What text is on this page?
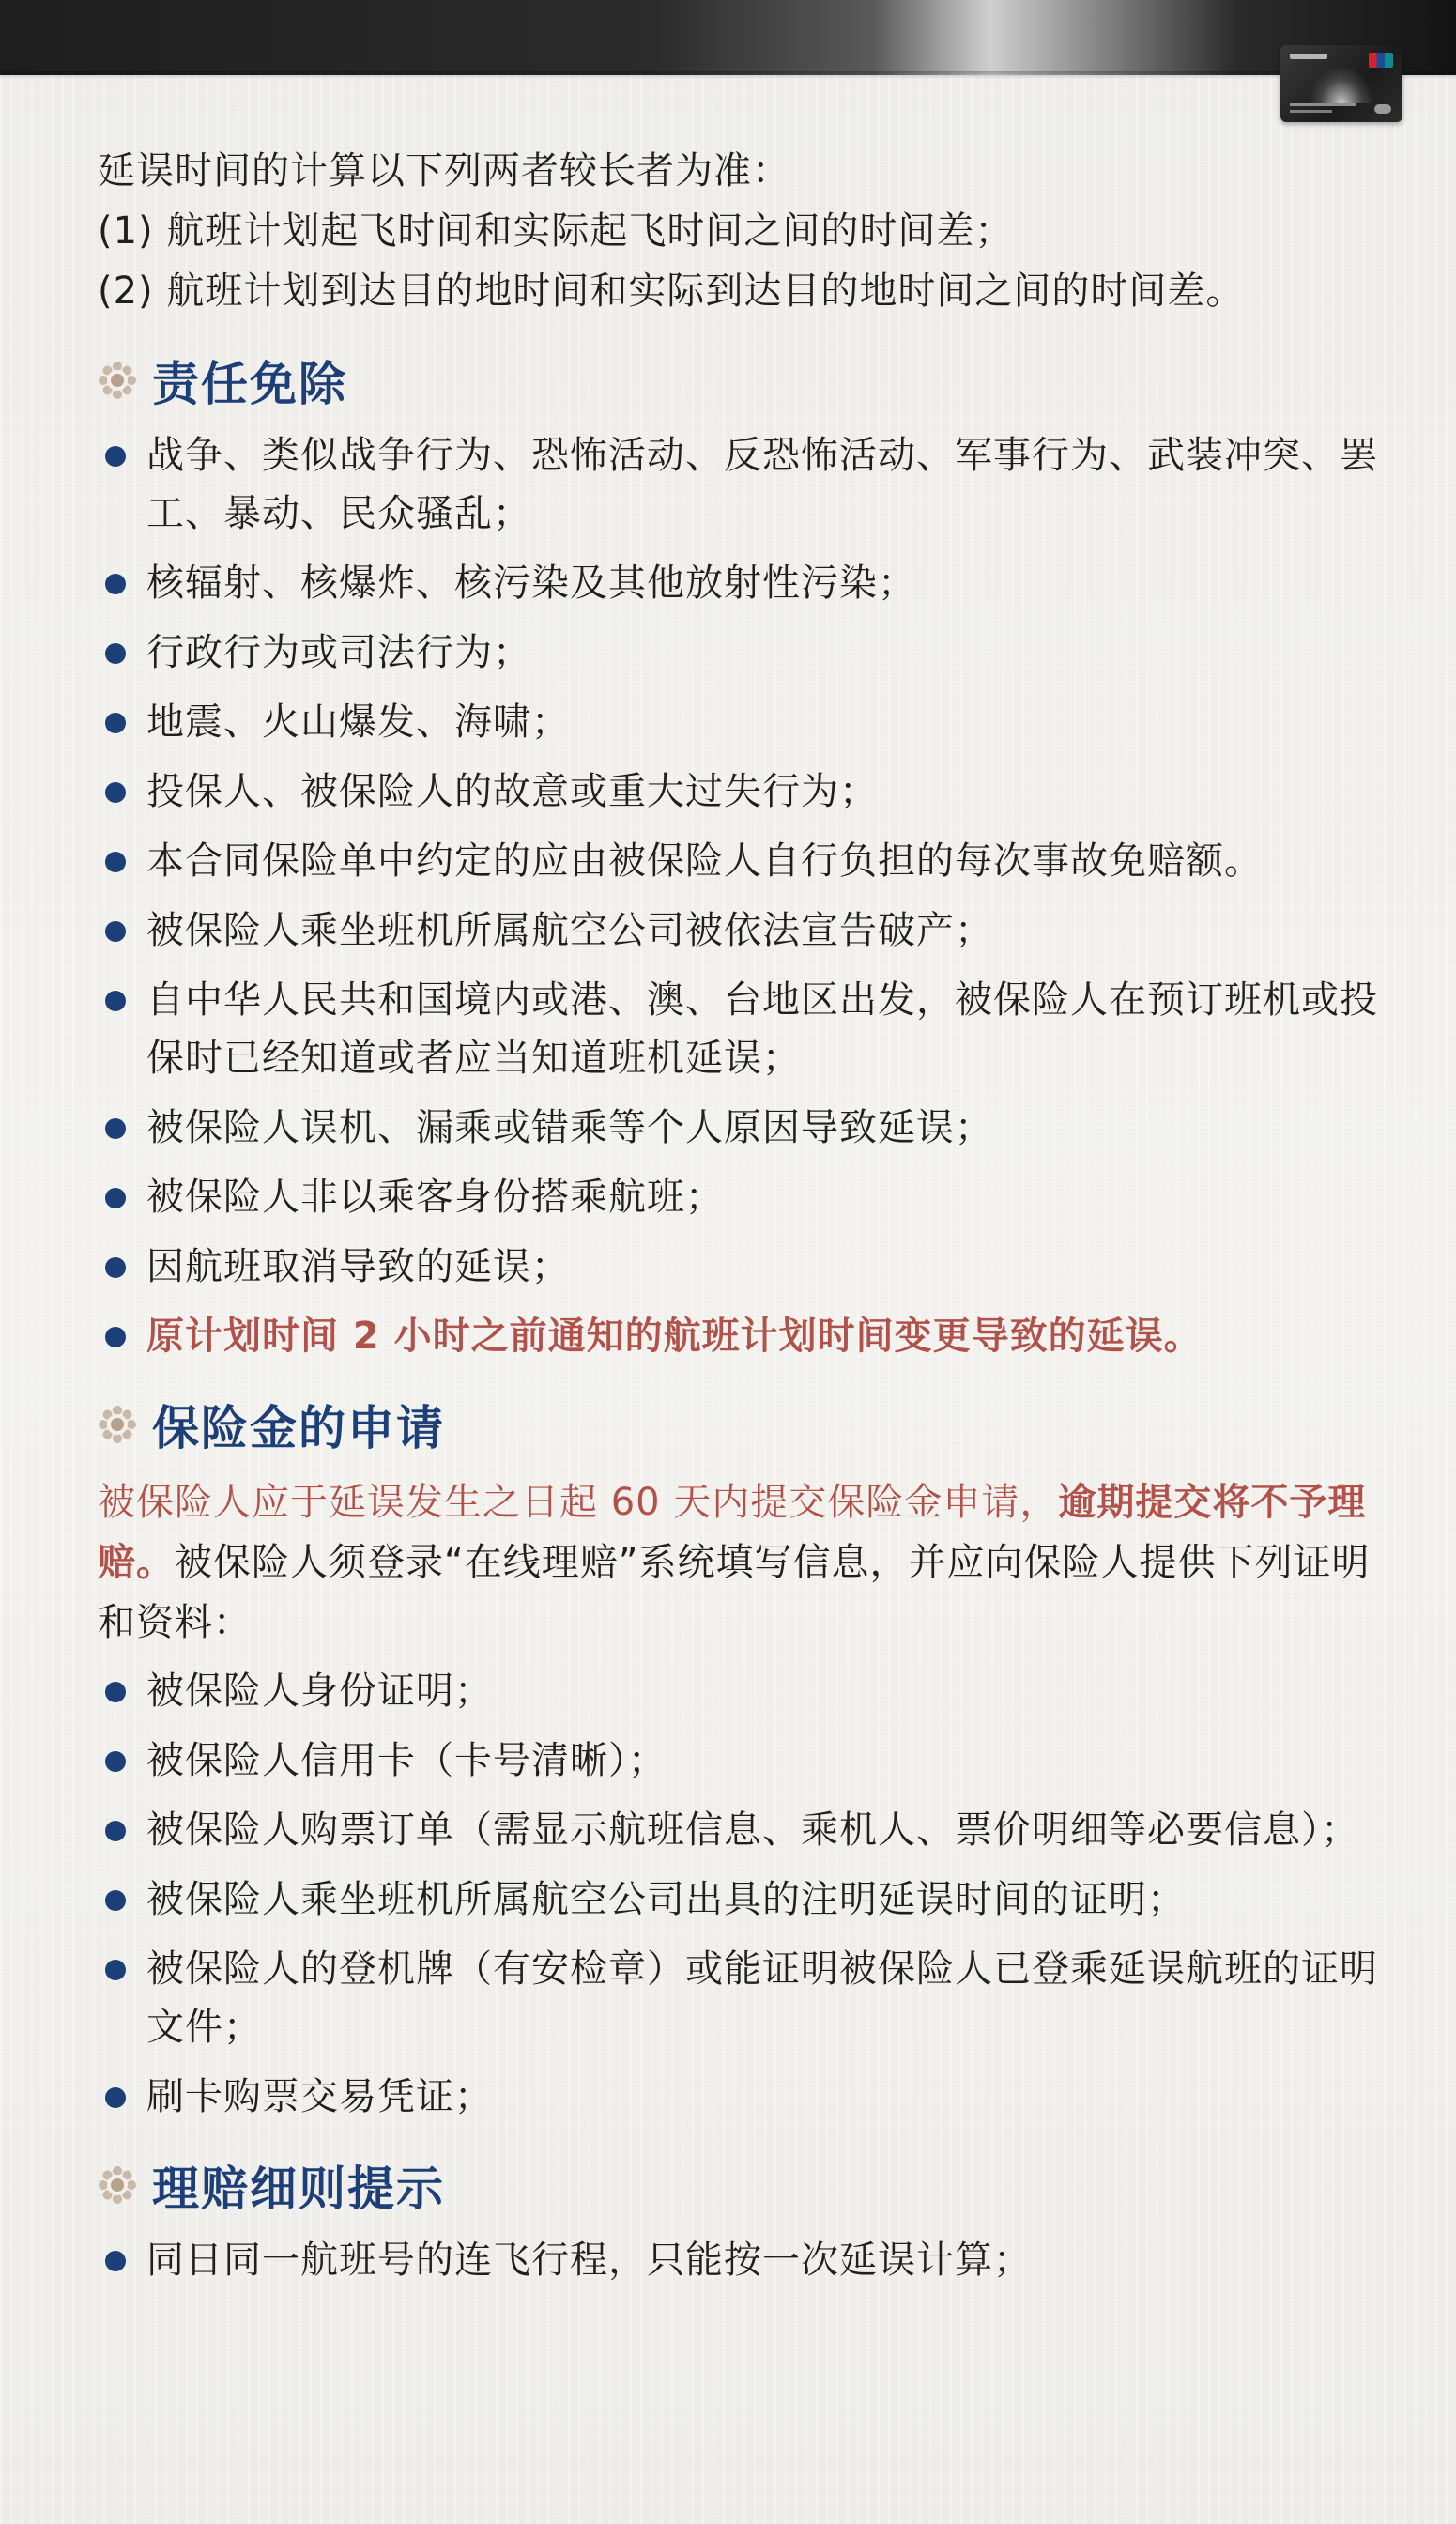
延误时间的计算以下列两者较长者为准：
(1) 航班计划起飞时间和实际起飞时间之间的时间差；
(2) 航班计划到达目的地时间和实际到达目的地时间之间的时间差。
责任免除
战争、类似战争行为、恐怖活动、反恐怖活动、军事行为、武装冲突、罢工、暴动、民众骚乱；
核辐射、核爆炸、核污染及其他放射性污染；
行政行为或司法行为；
地震、火山爆发、海啸；
投保人、被保险人的故意或重大过失行为；
本合同保险单中约定的应由被保险人自行负担的每次事故免赔额。
被保险人乘坐班机所属航空公司被依法宣告破产；
自中华人民共和国境内或港、澳、台地区出发，被保险人在预订班机或投保时已经知道或者应当知道班机延误；
被保险人误机、漏乘或错乘等个人原因导致延误；
被保险人非以乘客身份搭乘航班；
因航班取消导致的延误；
原计划时间 2 小时之前通知的航班计划时间变更导致的延误。
保险金的申请
被保险人应于延误发生之日起 60 天内提交保险金申请，逾期提交将不予理赔。被保险人须登录“在线理赔”系统填写信息，并应向保险人提供下列证明和资料：
被保险人身份证明；
被保险人信用卡（卡号清晰）；
被保险人购票订单（需显示航班信息、乘机人、票价明细等必要信息）；
被保险人乘坐班机所属航空公司出具的注明延误时间的证明；
被保险人的登机牌（有安检章）或能证明被保险人已登乘延误航班的证明文件；
刷卡购票交易凭证；
理赔细则提示
同日同一航班号的连飞行程，只能按一次延误计算；
